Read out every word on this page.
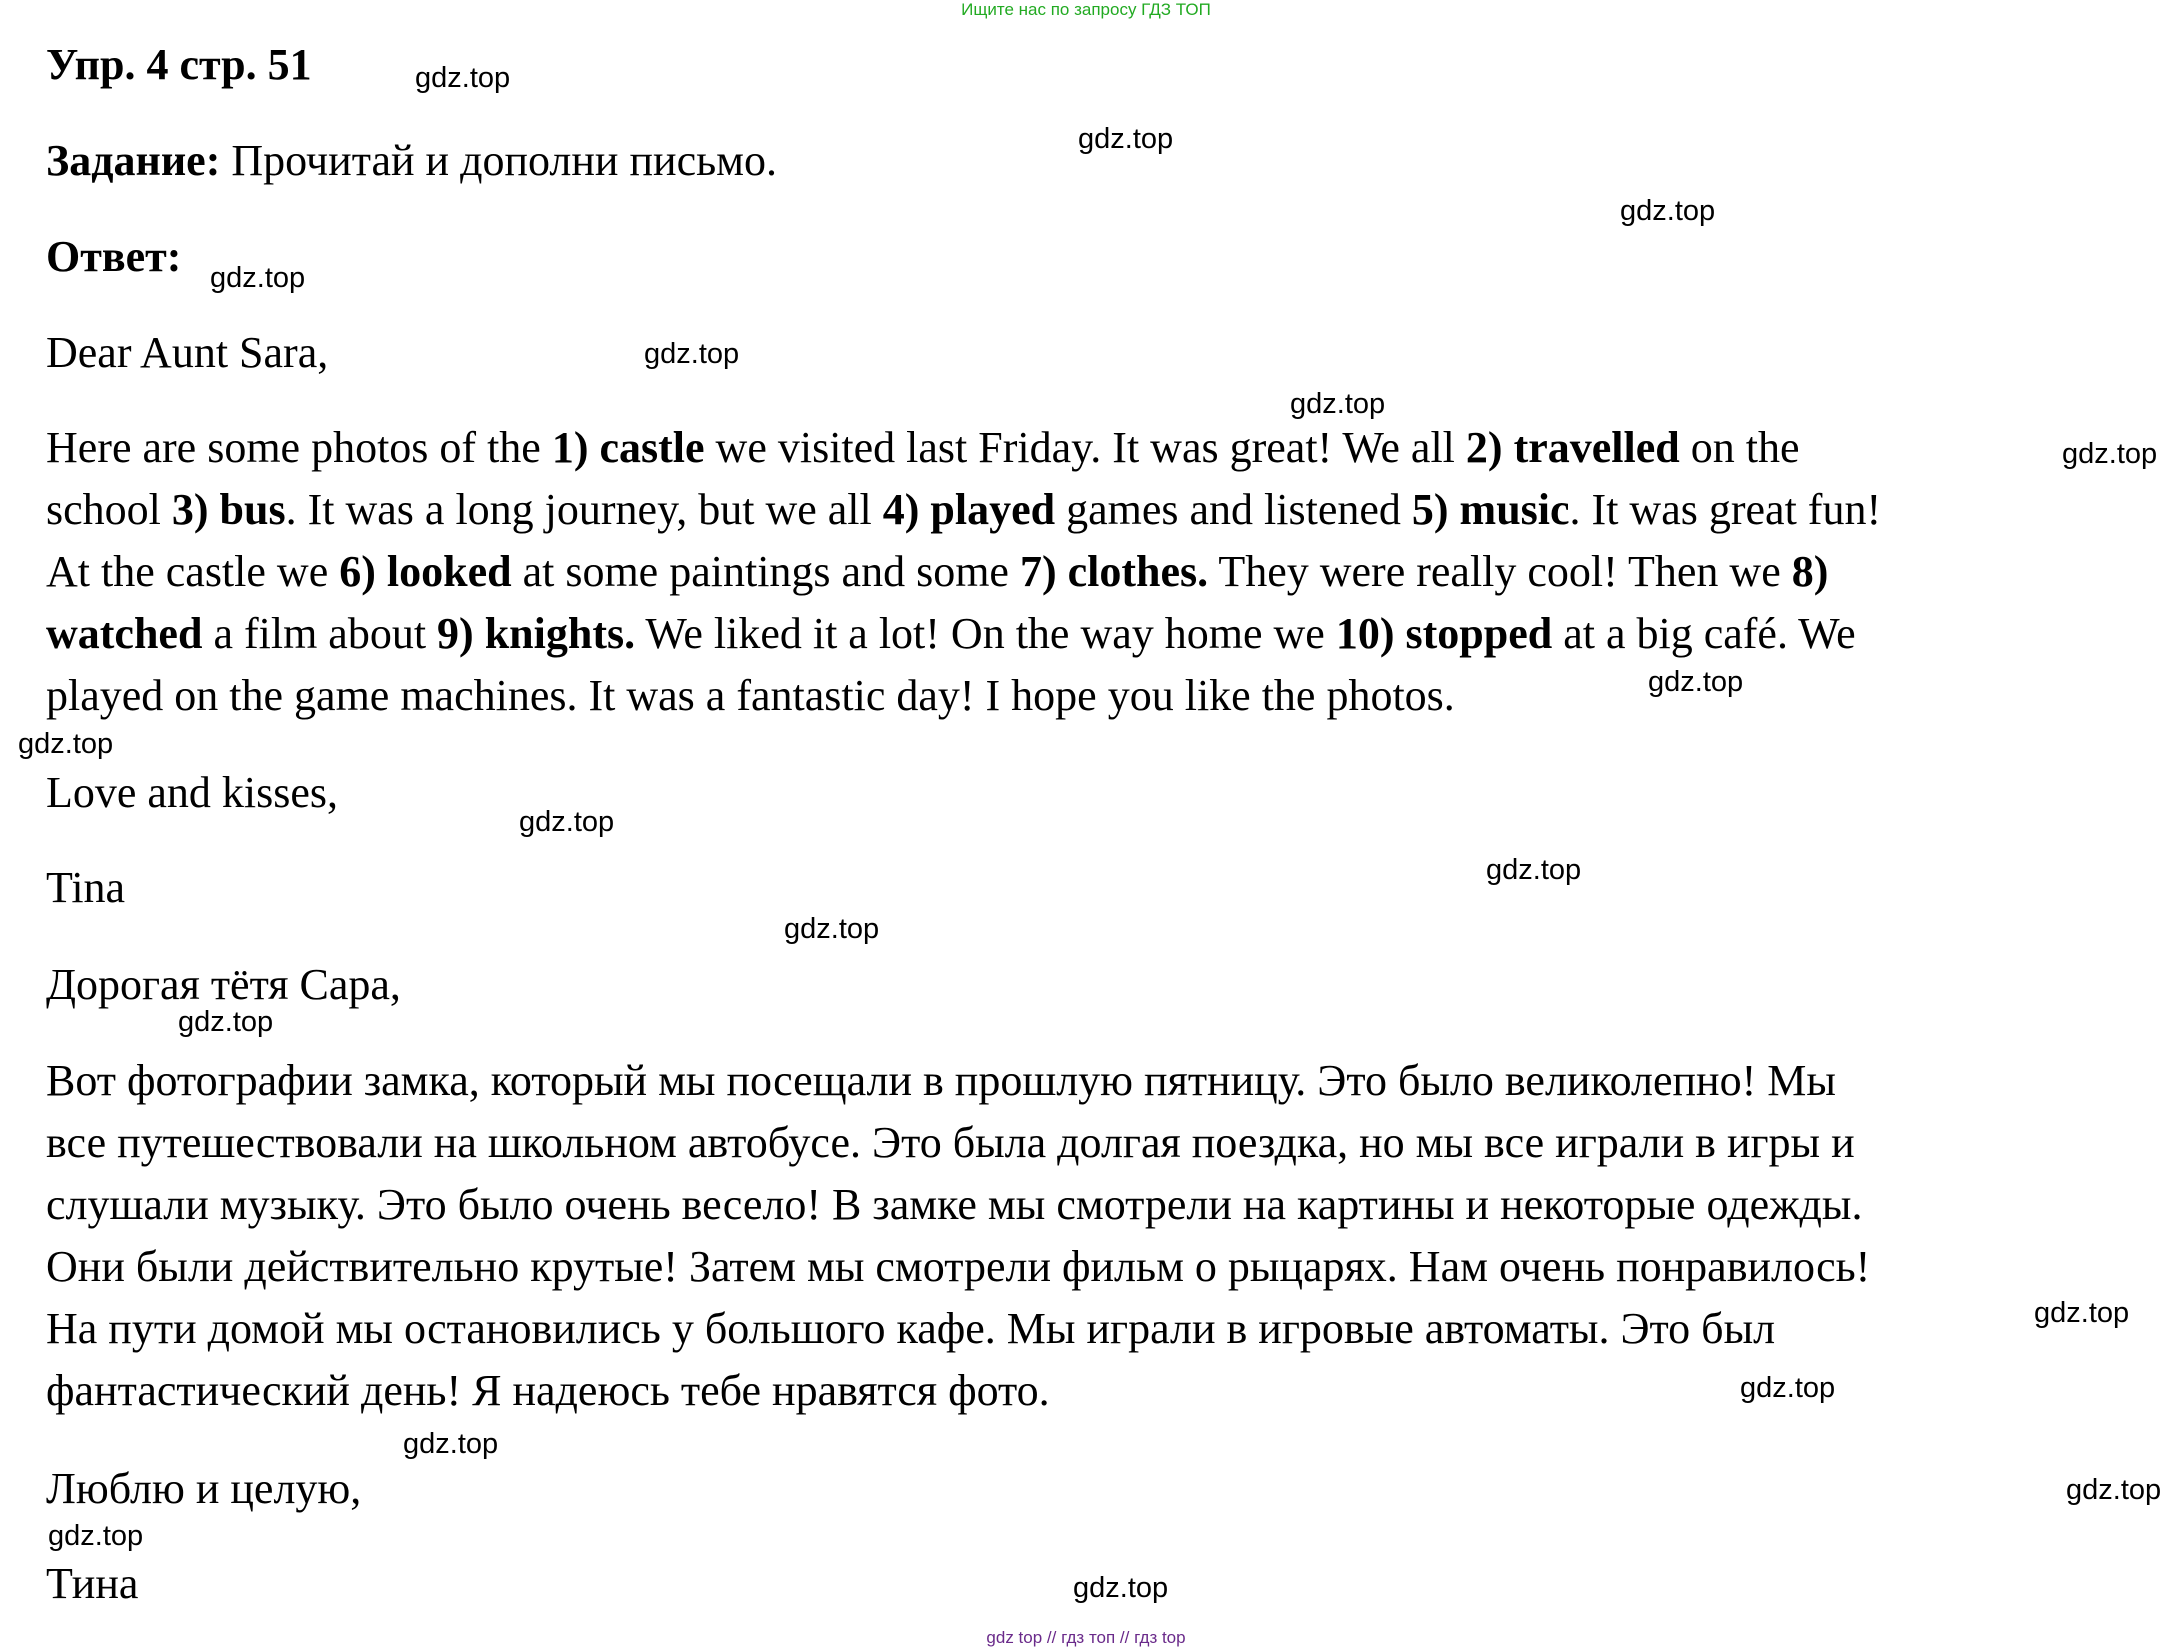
Ищите нас по запросу ГДЗ ТОП
Упр. 4 стр. 51
Задание: Прочитай и дополни письмо.
Ответ:
Dear Aunt Sara,
Here are some photos of the 1) castle we visited last Friday. It was great! We all 2) travelled on the
school 3) bus. It was a long journey, but we all 4) played games and listened 5) music. It was great fun!
At the castle we 6) looked at some paintings and some 7) clothes. They were really cool! Then we 8)
watched a film about 9) knights. We liked it a lot! On the way home we 10) stopped at a big café. We
played on the game machines. It was a fantastic day! I hope you like the photos.
Love and kisses,
Tina
Дорогая тётя Сара,
Вот фотографии замка, который мы посещали в прошлую пятницу. Это было великолепно! Мы
все путешествовали на школьном автобусе. Это была долгая поездка, но мы все играли в игры и
слушали музыку. Это было очень весело! В замке мы смотрели на картины и некоторые одежды.
Они были действительно крутые! Затем мы смотрели фильм о рыцарях. Нам очень понравилось!
На пути домой мы остановились у большого кафе. Мы играли в игровые автоматы. Это был
фантастический день! Я надеюсь тебе нравятся фото.
Люблю и целую,
Тина
gdz.top
gdz.top
gdz.top
gdz.top
gdz.top
gdz.top
gdz.top
gdz.top
gdz.top
gdz.top
gdz.top
gdz.top
gdz.top
gdz.top
gdz.top
gdz.top
gdz.top
gdz.top
gdz.top
gdz top // гдз топ // гдз top
